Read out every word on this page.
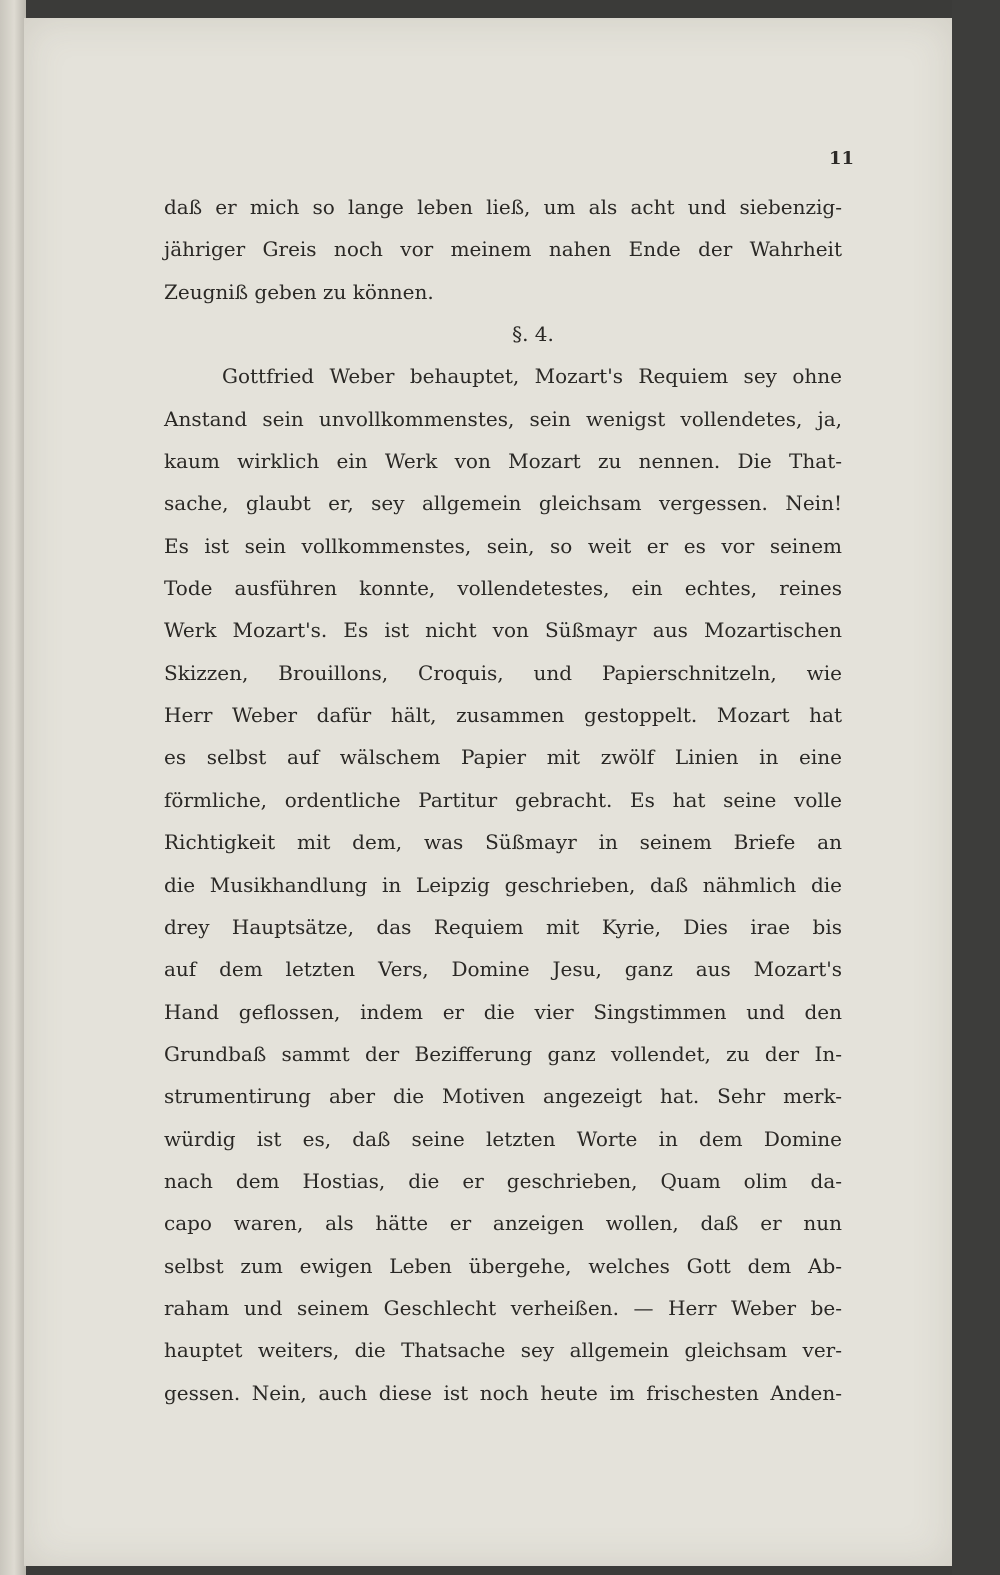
11
daß er mich so lange leben ließ, um als acht und siebenzig-
jähriger Greis noch vor meinem nahen Ende der Wahrheit
Zeugniß geben zu können.
§. 4.
Gottfried Weber behauptet, Mozart's Requiem sey ohne
Anstand sein unvollkommenstes, sein wenigst vollendetes, ja,
kaum wirklich ein Werk von Mozart zu nennen. Die That-
sache, glaubt er, sey allgemein gleichsam vergessen. Nein!
Es ist sein vollkommenstes, sein, so weit er es vor seinem
Tode ausführen konnte, vollendetestes, ein echtes, reines
Werk Mozart's. Es ist nicht von Süßmayr aus Mozartischen
Skizzen, Brouillons, Croquis, und Papierschnitzeln, wie
Herr Weber dafür hält, zusammen gestoppelt. Mozart hat
es selbst auf wälschem Papier mit zwölf Linien in eine
förmliche, ordentliche Partitur gebracht. Es hat seine volle
Richtigkeit mit dem, was Süßmayr in seinem Briefe an
die Musikhandlung in Leipzig geschrieben, daß nähmlich die
drey Hauptsätze, das Requiem mit Kyrie, Dies irae bis
auf dem letzten Vers, Domine Jesu, ganz aus Mozart's
Hand geflossen, indem er die vier Singstimmen und den
Grundbaß sammt der Bezifferung ganz vollendet, zu der In-
strumentirung aber die Motiven angezeigt hat. Sehr merk-
würdig ist es, daß seine letzten Worte in dem Domine
nach dem Hostias, die er geschrieben, Quam olim da-
capo waren, als hätte er anzeigen wollen, daß er nun
selbst zum ewigen Leben übergehe, welches Gott dem Ab-
raham und seinem Geschlecht verheißen. — Herr Weber be-
hauptet weiters, die Thatsache sey allgemein gleichsam ver-
gessen. Nein, auch diese ist noch heute im frischesten Anden-
